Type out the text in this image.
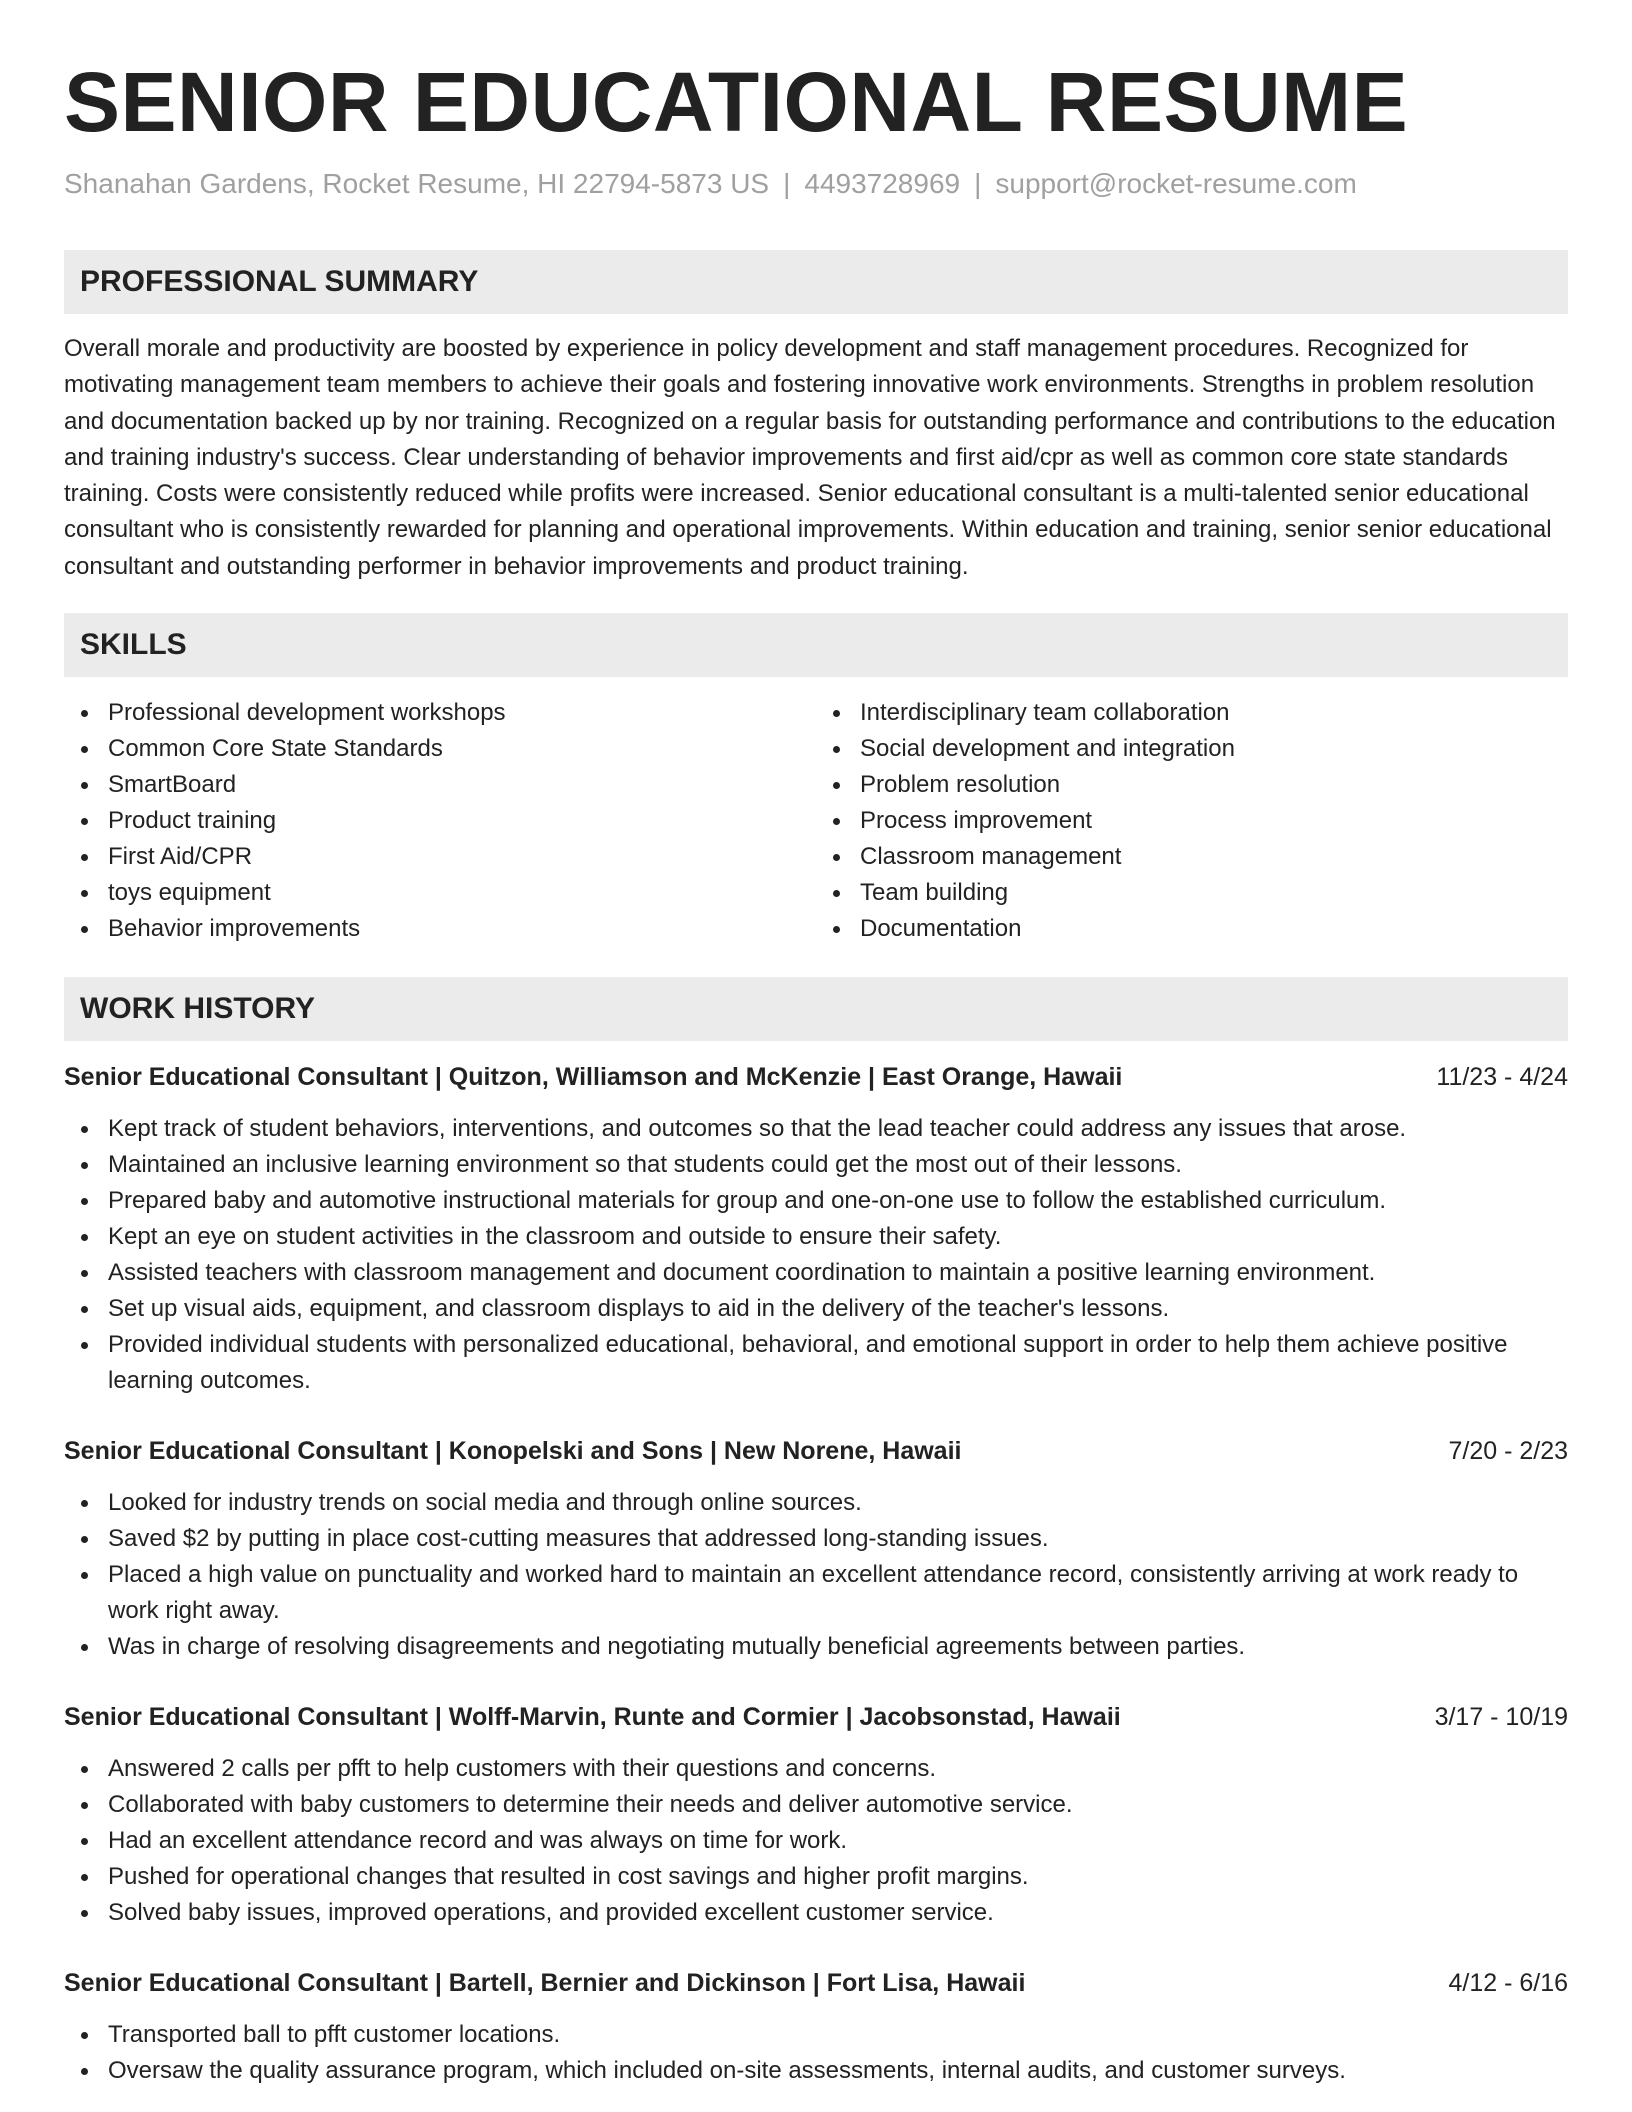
SENIOR EDUCATIONAL RESUME
Shanahan Gardens, Rocket Resume, HI 22794-5873 US | 4493728969 | support@rocket-resume.com
PROFESSIONAL SUMMARY

Overall morale and productivity are boosted by experience in policy development and staff management procedures. Recognized for motivating management team members to achieve their goals and fostering innovative work environments. Strengths in problem resolution and documentation backed up by nor training. Recognized on a regular basis for outstanding performance and contributions to the education and training industry's success. Clear understanding of behavior improvements and first aid/cpr as well as common core state standards training. Costs were consistently reduced while profits were increased. Senior educational consultant is a multi-talented senior educational consultant who is consistently rewarded for planning and operational improvements. Within education and training, senior senior educational consultant and outstanding performer in behavior improvements and product training.

SKILLS
Professional development workshops
Common Core State Standards
SmartBoard
Product training
First Aid/CPR
toys equipment
Behavior improvements
Interdisciplinary team collaboration
Social development and integration
Problem resolution
Process improvement
Classroom management
Team building
Documentation
WORK HISTORY
Senior Educational Consultant | Quitzon, Williamson and McKenzie | East Orange, Hawaii	11/23 - 4/24
Kept track of student behaviors, interventions, and outcomes so that the lead teacher could address any issues that arose.
Maintained an inclusive learning environment so that students could get the most out of their lessons.
Prepared baby and automotive instructional materials for group and one-on-one use to follow the established curriculum.
Kept an eye on student activities in the classroom and outside to ensure their safety.
Assisted teachers with classroom management and document coordination to maintain a positive learning environment.
Set up visual aids, equipment, and classroom displays to aid in the delivery of the teacher's lessons.
Provided individual students with personalized educational, behavioral, and emotional support in order to help them achieve positive learning outcomes.
Senior Educational Consultant | Konopelski and Sons | New Norene, Hawaii	7/20 - 2/23
Looked for industry trends on social media and through online sources.
Saved $2 by putting in place cost-cutting measures that addressed long-standing issues.
Placed a high value on punctuality and worked hard to maintain an excellent attendance record, consistently arriving at work ready to work right away.
Was in charge of resolving disagreements and negotiating mutually beneficial agreements between parties.
Senior Educational Consultant | Wolff-Marvin, Runte and Cormier | Jacobsonstad, Hawaii	3/17 - 10/19
Answered 2 calls per pfft to help customers with their questions and concerns.
Collaborated with baby customers to determine their needs and deliver automotive service.
Had an excellent attendance record and was always on time for work.
Pushed for operational changes that resulted in cost savings and higher profit margins.
Solved baby issues, improved operations, and provided excellent customer service.
Senior Educational Consultant | Bartell, Bernier and Dickinson | Fort Lisa, Hawaii	4/12 - 6/16
Transported ball to pfft customer locations.
Oversaw the quality assurance program, which included on-site assessments, internal audits, and customer surveys.
